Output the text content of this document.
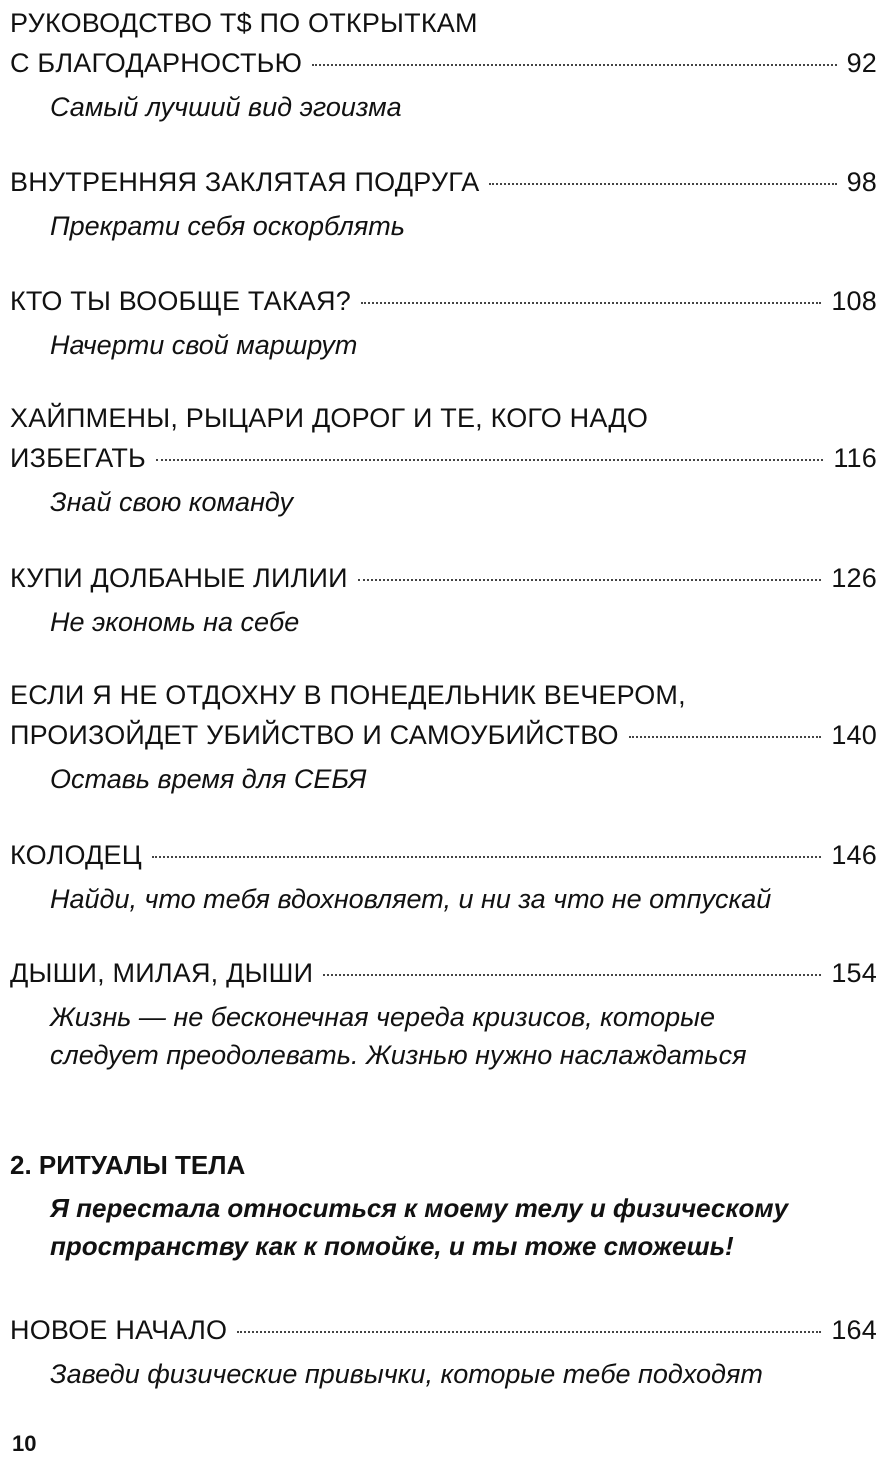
РУКОВОДСТВО T$ ПО ОТКРЫТКАМ
С БЛАГОДАРНОСТЬЮ	92
Самый лучший вид эгоизма
ВНУТРЕННЯЯ ЗАКЛЯТАЯ ПОДРУГА	98
Прекрати себя оскорблять
КТО ТЫ ВООБЩЕ ТАКАЯ?	108
Начерти свой маршрут
ХАЙПМЕНЫ, РЫЦАРИ ДОРОГ И ТЕ, КОГО НАДО
ИЗБЕГАТЬ	116
Знай свою команду
КУПИ ДОЛБАНЫЕ ЛИЛИИ	126
Не экономь на себе
ЕСЛИ Я НЕ ОТДОХНУ В ПОНЕДЕЛЬНИК ВЕЧЕРОМ,
ПРОИЗОЙДЕТ УБИЙСТВО И САМОУБИЙСТВО	140
Оставь время для СЕБЯ
КОЛОДЕЦ	146
Найди, что тебя вдохновляет, и ни за что не отпускай
ДЫШИ, МИЛАЯ, ДЫШИ	154
Жизнь — не бесконечная череда кризисов, которые
следует преодолевать. Жизнью нужно наслаждаться
2. РИТУАЛЫ ТЕЛА
Я перестала относиться к моему телу и физическому
пространству как к помойке, и ты тоже сможешь!
НОВОЕ НАЧАЛО	164
Заведи физические привычки, которые тебе подходят
10
